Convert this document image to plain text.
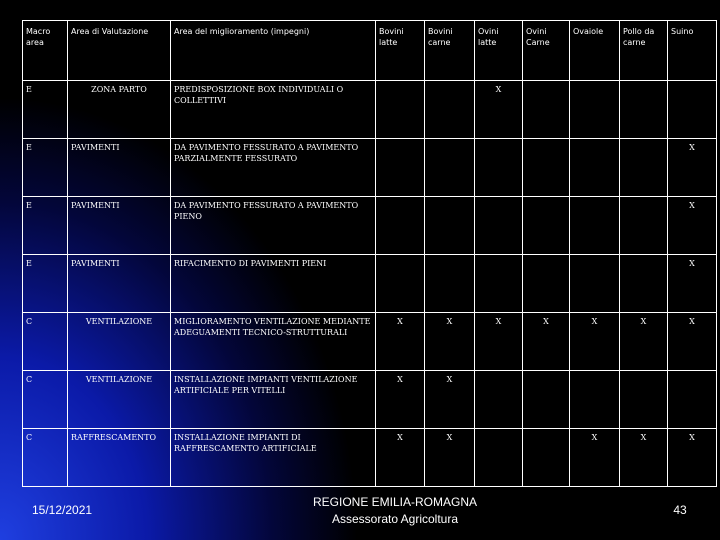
Macro area	Area di Valutazione	Area del miglioramento (impegni)	Bovini latte	Bovini carne	Ovini latte	Ovini Carne	Ovaiole	Pollo da carne	Suino
E	ZONA PARTO	PREDISPOSIZIONE BOX INDIVIDUALI O COLLETTIVI			X				
E	PAVIMENTI	DA PAVIMENTO FESSURATO A PAVIMENTO PARZIALMENTE FESSURATO							X
E	PAVIMENTI	DA PAVIMENTO FESSURATO A PAVIMENTO PIENO							X
E	PAVIMENTI	RIFACIMENTO DI PAVIMENTI PIENI							X
C	VENTILAZIONE	MIGLIORAMENTO VENTILAZIONE MEDIANTE ADEGUAMENTI TECNICO-STRUTTURALI	X	X	X	X	X	X	X
C	VENTILAZIONE	INSTALLAZIONE IMPIANTI VENTILAZIONE ARTIFICIALE PER VITELLI	X	X					
C	RAFFRESCAMENTO	INSTALLAZIONE IMPIANTI DI RAFFRESCAMENTO ARTIFICIALE	X	X			X	X	X
15/12/2021
REGIONE EMILIA-ROMAGNA
Assessorato Agricoltura
43
